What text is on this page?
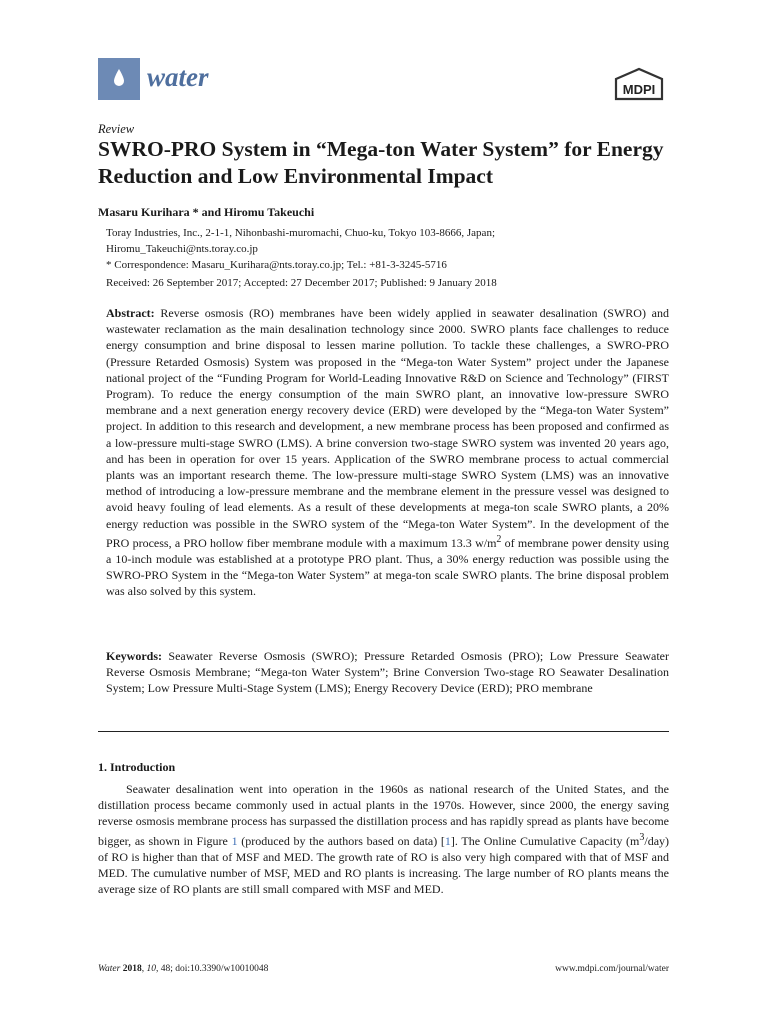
water	MDPI
Review
SWRO-PRO System in “Mega-ton Water System” for Energy Reduction and Low Environmental Impact
Masaru Kurihara * and Hiromu Takeuchi
Toray Industries, Inc., 2-1-1, Nihonbashi-muromachi, Chuo-ku, Tokyo 103-8666, Japan;
Hiromu_Takeuchi@nts.toray.co.jp
* Correspondence: Masaru_Kurihara@nts.toray.co.jp; Tel.: +81-3-3245-5716
Received: 26 September 2017; Accepted: 27 December 2017; Published: 9 January 2018
Abstract: Reverse osmosis (RO) membranes have been widely applied in seawater desalination (SWRO) and wastewater reclamation as the main desalination technology since 2000. SWRO plants face challenges to reduce energy consumption and brine disposal to lessen marine pollution. To tackle these challenges, a SWRO-PRO (Pressure Retarded Osmosis) System was proposed in the “Mega-ton Water System” project under the Japanese national project of the “Funding Program for World-Leading Innovative R&D on Science and Technology” (FIRST Program). To reduce the energy consumption of the main SWRO plant, an innovative low-pressure SWRO membrane and a next generation energy recovery device (ERD) were developed by the “Mega-ton Water System” project. In addition to this research and development, a new membrane process has been proposed and confirmed as a low-pressure multi-stage SWRO (LMS). A brine conversion two-stage SWRO system was invented 20 years ago, and has been in operation for over 15 years. Application of the SWRO membrane process to actual commercial plants was an important research theme. The low-pressure multi-stage SWRO System (LMS) was an innovative method of introducing a low-pressure membrane and the membrane element in the pressure vessel was designed to avoid heavy fouling of lead elements. As a result of these developments at mega-ton scale SWRO plants, a 20% energy reduction was possible in the SWRO system of the “Mega-ton Water System”. In the development of the PRO process, a PRO hollow fiber membrane module with a maximum 13.3 $w/m^2$ of membrane power density using a 10-inch module was established at a prototype PRO plant. Thus, a 30% energy reduction was possible using the SWRO-PRO System in the “Mega-ton Water System” at mega-ton scale SWRO plants. The brine disposal problem was also solved by this system.
Keywords: Seawater Reverse Osmosis (SWRO); Pressure Retarded Osmosis (PRO); Low Pressure Seawater Reverse Osmosis Membrane; “Mega-ton Water System”; Brine Conversion Two-stage RO Seawater Desalination System; Low Pressure Multi-Stage System (LMS); Energy Recovery Device (ERD); PRO membrane
1. Introduction
Seawater desalination went into operation in the 1960s as national research of the United States, and the distillation process became commonly used in actual plants in the 1970s. However, since 2000, the energy saving reverse osmosis membrane process has surpassed the distillation process and has rapidly spread as plants have become bigger, as shown in Figure 1 (produced by the authors based on data) [1]. The Online Cumulative Capacity $(m^3/day)$ of RO is higher than that of MSF and MED. The growth rate of RO is also very high compared with that of MSF and MED. The cumulative number of MSF, MED and RO plants is increasing. The large number of RO plants means the average size of RO plants are still small compared with MSF and MED.
Water 2018, 10, 48; doi:10.3390/w10010048	www.mdpi.com/journal/water
